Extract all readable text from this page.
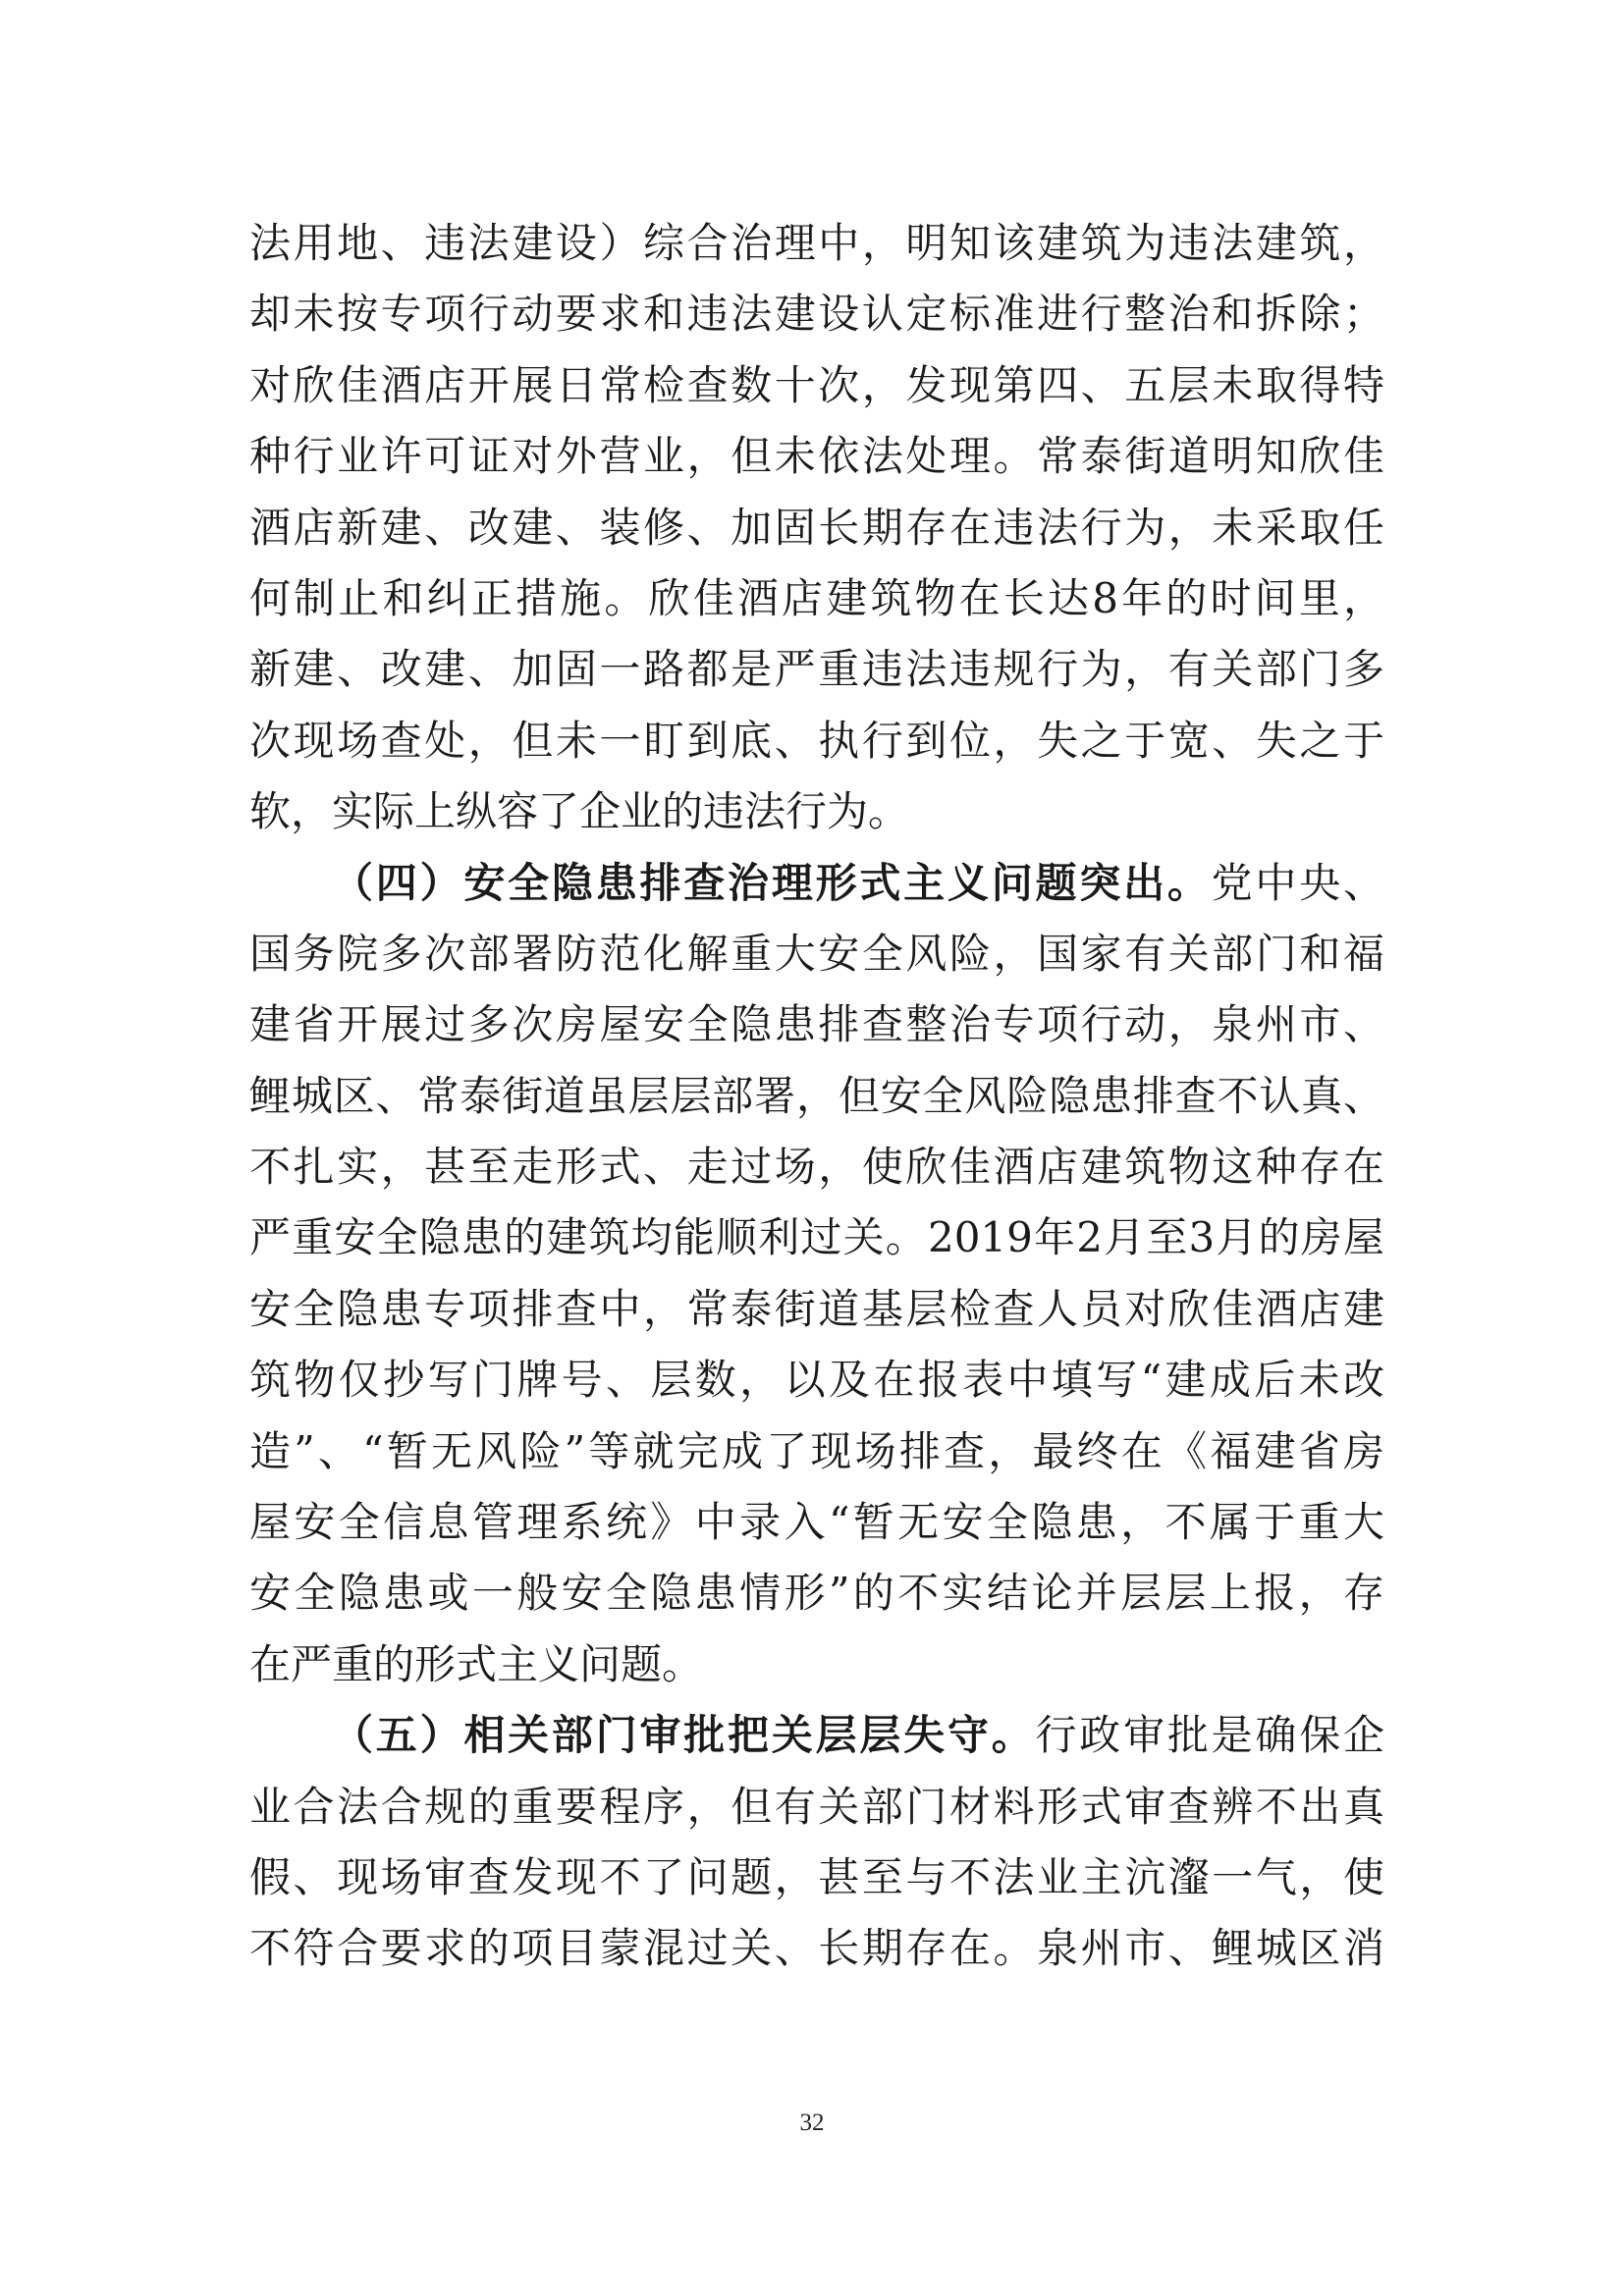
法用地、违法建设）综合治理中，明知该建筑为违法建筑，
却未按专项行动要求和违法建设认定标准进行整治和拆除；
对欣佳酒店开展日常检查数十次，发现第四、五层未取得特
种行业许可证对外营业，但未依法处理。常泰街道明知欣佳
酒店新建、改建、装修、加固长期存在违法行为，未采取任
何制止和纠正措施。欣佳酒店建筑物在长达8年的时间里，
新建、改建、加固一路都是严重违法违规行为，有关部门多
次现场查处，但未一盯到底、执行到位，失之于宽、失之于
软，实际上纵容了企业的违法行为。
（四）安全隐患排查治理形式主义问题突出。党中央、
国务院多次部署防范化解重大安全风险，国家有关部门和福
建省开展过多次房屋安全隐患排查整治专项行动，泉州市、
鲤城区、常泰街道虽层层部署，但安全风险隐患排查不认真、
不扎实，甚至走形式、走过场，使欣佳酒店建筑物这种存在
严重安全隐患的建筑均能顺利过关。2019年2月至3月的房屋
安全隐患专项排查中，常泰街道基层检查人员对欣佳酒店建
筑物仅抄写门牌号、层数，以及在报表中填写“建成后未改
造”、“暂无风险”等就完成了现场排查，最终在《福建省房
屋安全信息管理系统》中录入“暂无安全隐患，不属于重大
安全隐患或一般安全隐患情形”的不实结论并层层上报，存
在严重的形式主义问题。
（五）相关部门审批把关层层失守。行政审批是确保企
业合法合规的重要程序，但有关部门材料形式审查辨不出真
假、现场审查发现不了问题，甚至与不法业主沆瀣一气，使
不符合要求的项目蒙混过关、长期存在。泉州市、鲤城区消
32
